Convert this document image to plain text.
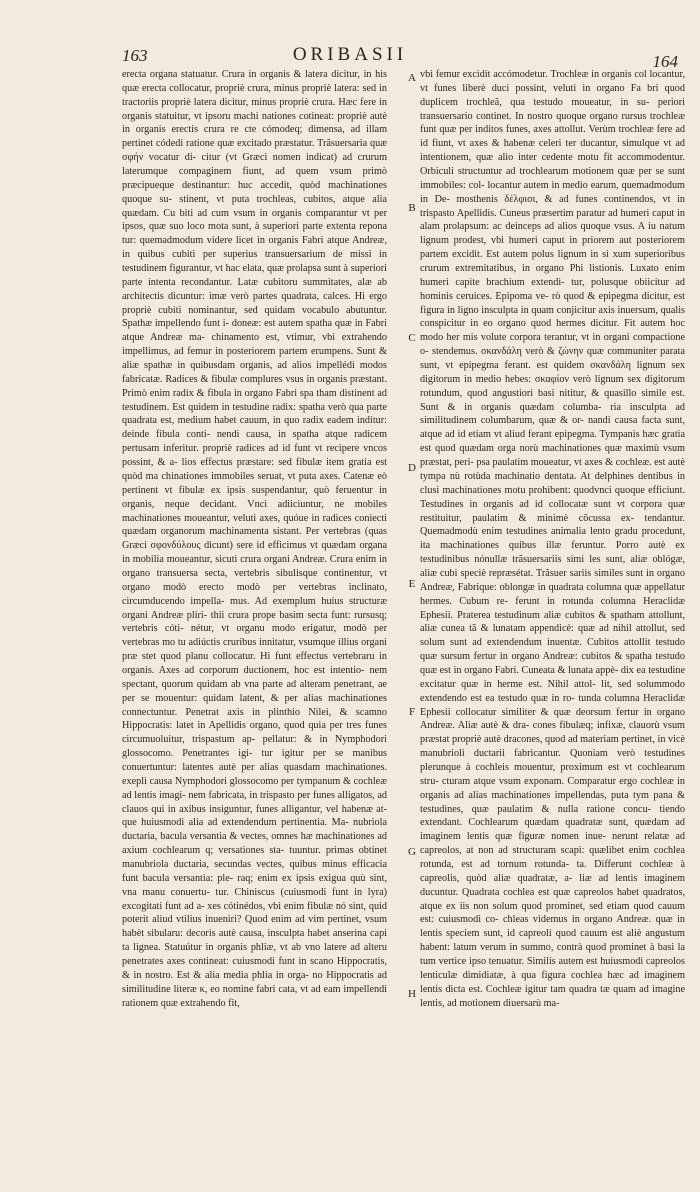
163	ORIBASII	164

erecta organa statuatur. Crura in organis & latera dicitur, in his quæ erecta collocatur, propriè crura, minus propriè latera: sed in tractoriis propriè latera dicitur, minus propriè crura. Hæc fere in organis statuitur, vt ipsoru machi nationes cotineat: propriè autè in organis erectis crura re cte cómodeq; dimensa, ad illam pertinet códedi ratione quæ excitado præstatur. Trãsuersaria quæ σφήν vocatur di- citur (vt Græci nomen indicat) ad crurum laterumque compaginem fiunt, ad quem vsum primò præcipueque destinantur: huc accedit, quòd machinationes quoque su- stinent, vt puta trochleas, cubitos, atque alia quædam. Cu biti ad cum vsum in organis comparantur vt per ipsos, quæ suo loco mota sunt, à superiori parte extenta repona tur: quemadmodum videre licet in organis Fabri atque Andreæ, in quibus cubiti per superius transuersarium de missi in testudinem figurantur, vt hac elata, quæ prolapsa sunt à superiori parte intenta recondantur. Latæ cubitoru summitates, alæ ab architectis dicuntur: imæ verò partes quadrata, calces. Hi ergo propriè cubiti nominantur, sed quidam vocabulo abutuntur. Spathæ impellendo funt i- doneæ: est autem spatha quæ in Fabri atque Andreæ ma- chinamento est, vtimur, vbi extrahendo impellimus, ad femur in posteriorem partem erumpens. Sunt & aliæ spathæ in quibusdam organis, ad alios impellédi modos fabricatæ. Radices & fibulæ complures vsus in organis præstant. Primò enim radix & fibula in organo Fabri spa tham distinent ad testudinem. Est quidem in testudine radix: spatha verò qua parte quadrata est, medium habet cauum, in quo radix eadem inditur: deinde fibula conti- nendi causa, in spatha atque radicem pertusam inferitur. propriè radices ad id funt vt recipere vncos possint, & a- lios effectus præstare: sed fibulæ item gratia est quòd ma chinationes immobiles seruat, vt puta axes. Catenæ eò pertinent vt fibulæ ex ipsis suspendantur, quò feruentur in organis, neque decidant. Vnci adiiciuntur, ne mobiles machinationes moueantur, veluti axes, quóue in radices coniecti quædam organorum machinamenta sistant. Per vertebras (quas Græci σφονδύλους dicunt) sere id efficimus vt quædam organa in mobilia moueantur, sicuti crura organi Andreæ. Crura enim in organo transuersa secta, vertebris sibulisque continentur, vt organo modò erecto modò per vertebras inclinato, circumducendo impella- mus. Ad exemplum huius structuræ organi Andreæ pliri- thii crura prope basim secta funt: rursusq; vertebris cóti- nétur, vt organu modo erigatur, modò per vertebras mo tu adiúctis cruribus innitatur, vsumque illius organi præ stet quod planu collocatur. Hi funt effectus vertebraru in organis. Axes ad corporum ductionem, hoc est intentio- nem spectant, quorum quidam ab vna parte ad alteram penetrant, ae per se mouentur: quidam latent, & per alias machinationes connectuntur. Penetrat axis in plinthio Nilei, & scamno Hippocratis: latet in Apellidis organo, quod quia per tres funes circumuoluitur, trispastum ap- pellatur: & in Nymphodori glossocomo. Penetrantes igi- tur igitur per se manibus conuertuntur: latentes autè per alias quasdam machinationes. exepli causa Nymphodori glossocomo per tympanum & cochleæ ad lentis imagi- nem fabricata, in trispasto per funes alligatos, ad clauos qui in axibus insiguntur, funes alligantur, vel habenæ at- que huiusmodi alia ad extendendum pertinentia. Ma- nubriola ductaria, bacula versantia & vectes, omnes hæ machinationes ad axium cochlearum q; versationes sta- tuuntur. primas obtinet manubriola ductaria, secundas vectes, quibus minus efficacia funt bacula versantia: ple- raq; enim ex ipsis exigua quù sint, vna manu conuertu- tur. Chiniscus (cuiusmodi funt in lyra) excogitati funt ad a- xes cótinédos, vbi enim fibulæ nó sint, quid poterit aliud vtilius inueniri? Quod enim ad vim pertinet, vsum habèt sibularu: decoris autè causa, insculpta habet anserina capi ta lignea. Statuútur in organis phliæ, vt ab vno latere ad alteru penetrates axes contineat: cuiusmodi funt in scano Hippocratis, & in nostro. Est & alia media phlia in orga- no Hippocratis ad similitudine literæ κ, eo nomine fabri cata, vt ad eam impellendi rationem quæ extrahendo fit,

vbi femur excidit accómodetur. Trochleæ in organis col locantur, vt funes liberè duci possint, veluti in organo Fa bri quod duplicem trochleã, qua testudo moueatur, in su- periori transuersario continet. In nostro quoque organo rursus trochleæ funt quæ per inditos funes, axes attollut. Verùm trochleæ fere ad id fiunt, vt axes & habenæ celeri ter ducantur, simulque vt ad intentionem, quæ alio inter cedente motu fit accommodentur. Orbiculi structuntur ad trochlearum motionem quæ per se sunt immobiles: col- locantur autem in medio earum, quemadmodum in De- mosthenis δέλφισι, & ad funes continendos, vt in trispasto Apellidis. Cuneus præsertim paratur ad humeri caput in alam prolapsum: ac deinceps ad alios quoque vsus. A iu natum lignum prodest, vbi humeri caput in priorem aut posteriorem partem excidit. Est autem polus lignum in si xum superioribus crurum extremitatibus, in organo Phi listionis. Luxato enim humeri capite brachium extendi- tur, polusque obiicitur ad hominis ceruices. Epipoma ve- rò quod & epipegma dicitur, est figura in ligno insculpta in quam conjicitur axis inuersum, qualis conspicitur in eo organo quod hermes dicitur. Fit autem hoc modo her mis volute corpora terantur, vt in organi compactione o- stendemus. σκανδάλη verò & ζώνην quæ communiter parata sunt, vt epipegma ferant. est quidem σκανδάλη lignum sex digitorum in medio hebes: σκαφίον verò lignum sex digitorum rotundum, quod angustiori basi nititur, & quasillo simile est. Sunt & in organis quædam columba- ria insculpta ad similitudinem columbarum, quæ & or- nandi causa facta sunt, atque ad id etiam vt aliud ferant epipegma. Tympanis hæc gratia est quod quædam orga norù machinationes quæ maximù vsum præstat, peri- psa paulatim moueatur, vt axes & cochleæ. est autè tympa nù rotùda machinatio dentata. At delphines dentibus in clusi machinationes motu prohibent: quodvnci quoque efficiunt. Testudines in organis ad id collocatæ sunt vt corpora quæ restituitur, paulatim & minimè cõcussa ex- tendantur. Quemadmodù enim testudines animalia lento gradu procedunt, ita machinationes quibus illæ feruntur. Porro autè ex testudinibus nónullæ trãsuersariis simi les sunt, aliæ oblógæ, aliæ cubi speciè repræsétat. Trãsuer sariis similes sunt in organo Andreæ, Fabrique: oblongæ in quadrata columna quæ appellatur hermes. Cubum re- ferunt in rotunda columna Heraclidæ Ephesii. Praterea testudinum aliæ cubitos & spatham attollunt, aliæ cunea tã & lunatam appendicè: quæ ad nihil attollut, sed solum sunt ad extendendum inuentæ. Cubitos attollit testudo quæ sursum fertur in organo Andreæ: cubitos & spatha testudo quæ est in organo Fabri. Cuneata & lunata appè- dix ea testudine excitatur quæ in herme est. Nihil attol- lit, sed solummodo extendendo est ea testudo quæ in ro- tunda columna Heraclidæ Ephesii collocatur similiter & quæ deorsum fertur in organo Andreæ. Aliæ autè & dra- cones fibulæq; infixæ, clauorù vsum præstat propriè autè dracones, quod ad materiam pertinet, in vicè manubrioli ductarii fabricantur. Quoniam verò testudines plerunque à cochleis mouentur, proximum est vt cochlearum stru- cturam atque vsum exponam. Comparatur ergo cochleæ in organis ad alias machinationes impellendas, puta tym pana & testudines, quæ paulatim & nulla ratione concu- tiendo extendant. Cochlearum quædam quadratæ sunt, quædam ad imaginem lentis quæ figuræ nomen inue- nerunt relatæ ad capreolos, at non ad structuram scapi: quælibet enim cochlea rotunda, est ad tornum rotunda- ta. Differunt cochleæ à capreolis, quòd aliæ quadratæ, a- liæ ad lentis imaginem ducuntur. Quadrata cochlea est quæ capreolos habet quadratos, atque ex iis non solum quod prominet, sed etiam quod cauum est: cuiusmodi co- chleas videmus in organo Andreæ. quæ in lentis speciem sunt, id capreoli quod cauum est aliè angustum habent: latum verum in summo, contrà quod prominet à basi la tum vertice ipso tenuatur. Similis autem est huiusmodi capreolos lenticulæ dimidiatæ, à qua figura cochlea hæc ad imaginem lentis dicta est. Cochleæ igitur tam quadra tæ quam ad imagine lentis, ad motionem diuersarù ma-

A
B
C
D
E
F
G
H
